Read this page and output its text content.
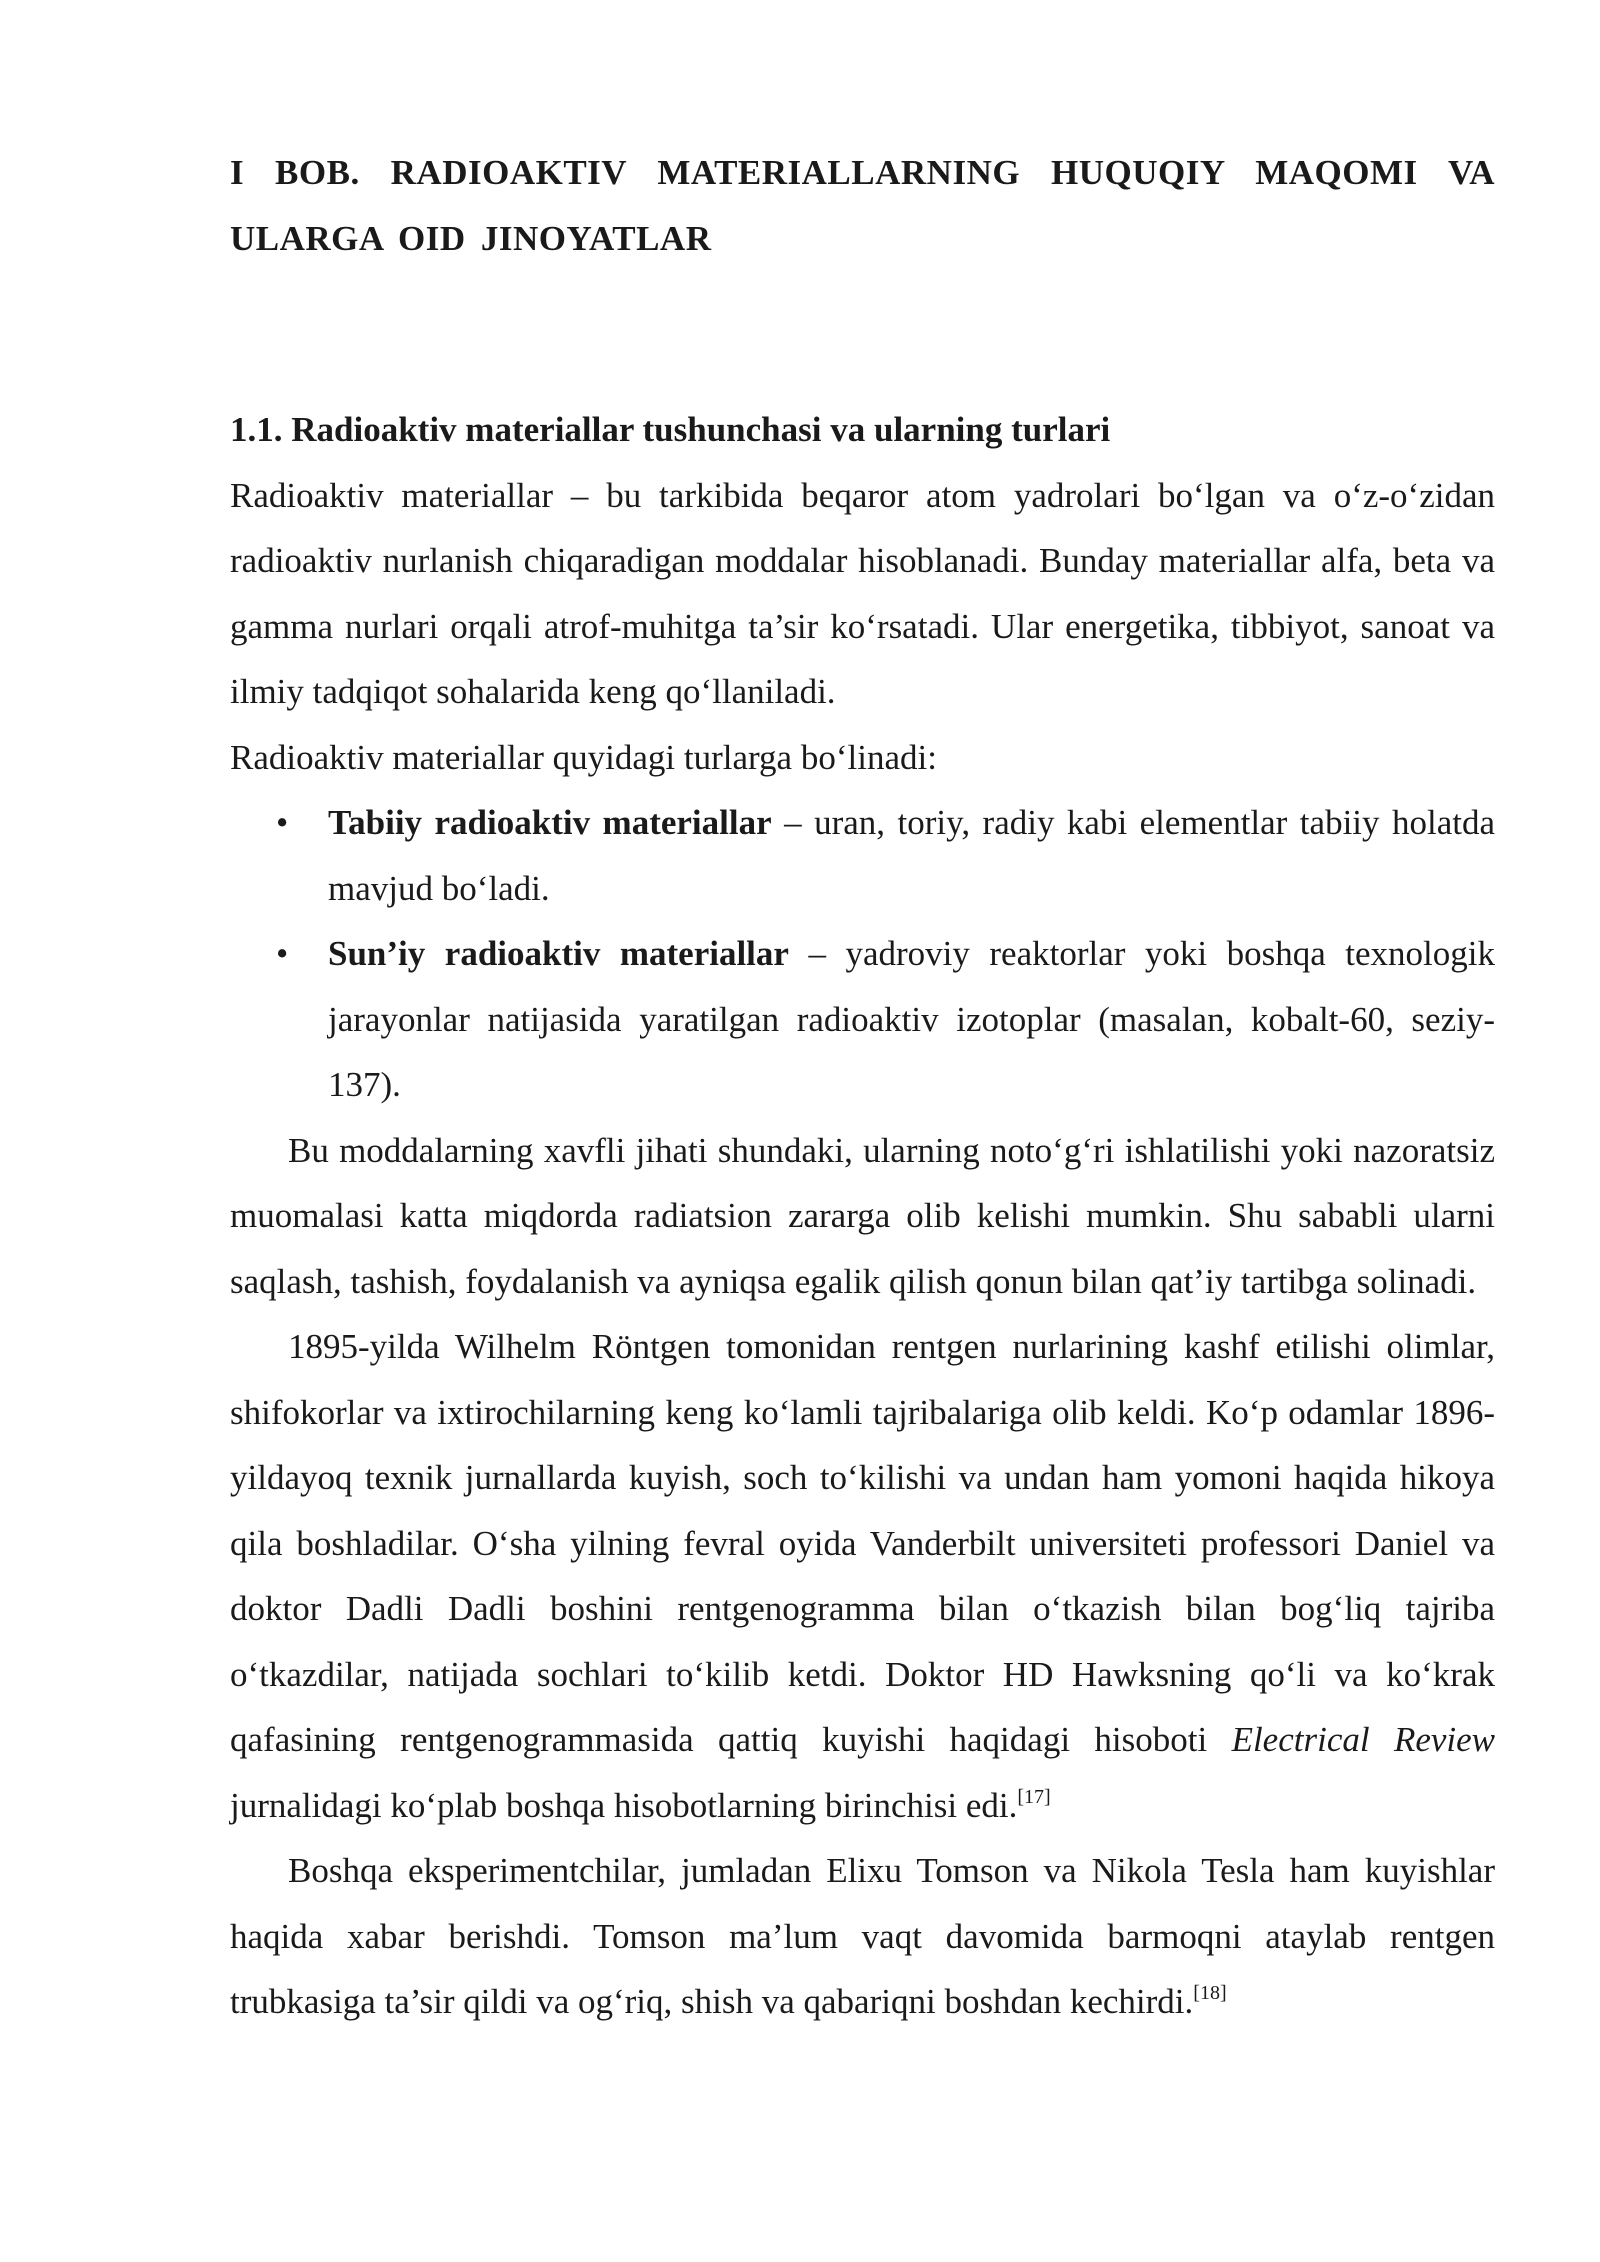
I BOB. RADIOAKTIV MATERIALLARNING HUQUQIY MAQOMI VA ULARGA OID JINOYATLAR
1.1. Radioaktiv materiallar tushunchasi va ularning turlari

Radioaktiv materiallar – bu tarkibida beqaror atom yadrolari bo‘lgan va o‘z-o‘zidan radioaktiv nurlanish chiqaradigan moddalar hisoblanadi. Bunday materiallar alfa, beta va gamma nurlari orqali atrof-muhitga ta’sir ko‘rsatadi. Ular energetika, tibbiyot, sanoat va ilmiy tadqiqot sohalarida keng qo‘llaniladi.

Radioaktiv materiallar quyidagi turlarga bo‘linadi:

• Tabiiy radioaktiv materiallar – uran, toriy, radiy kabi elementlar tabiiy holatda mavjud bo‘ladi.
• Sun’iy radioaktiv materiallar – yadroviy reaktorlar yoki boshqa texnologik jarayonlar natijasida yaratilgan radioaktiv izotoplar (masalan, kobalt-60, seziy-137).

Bu moddalarning xavfli jihati shundaki, ularning noto‘g‘ri ishlatilishi yoki nazoratsiz muomalasi katta miqdorda radiatsion zararga olib kelishi mumkin. Shu sababli ularni saqlash, tashish, foydalanish va ayniqsa egalik qilish qonun bilan qat’iy tartibga solinadi.

1895-yilda Wilhelm Röntgen tomonidan rentgen nurlarining kashf etilishi olimlar, shifokorlar va ixtirochilarning keng ko‘lamli tajribalariga olib keldi. Ko‘p odamlar 1896-yildayoq texnik jurnallarda kuyish, soch to‘kilishi va undan ham yomoni haqida hikoya qila boshladilar. O‘sha yilning fevral oyida Vanderbilt universiteti professori Daniel va doktor Dadli Dadli boshini rentgenogramma bilan o‘tkazish bilan bog‘liq tajriba o‘tkazdilar, natijada sochlari to‘kilib ketdi. Doktor HD Hawksning qo‘li va ko‘krak qafasining rentgenogrammasida qattiq kuyishi haqidagi hisoboti Electrical Review jurnalidagi ko‘plab boshqa hisobotlarning birinchisi edi.[17]

Boshqa eksperimentchilar, jumladan Elixu Tomson va Nikola Tesla ham kuyishlar haqida xabar berishdi. Tomson ma’lum vaqt davomida barmoqni ataylab rentgen trubkasiga ta’sir qildi va og‘riq, shish va qabariqni boshdan kechirdi.[18]
